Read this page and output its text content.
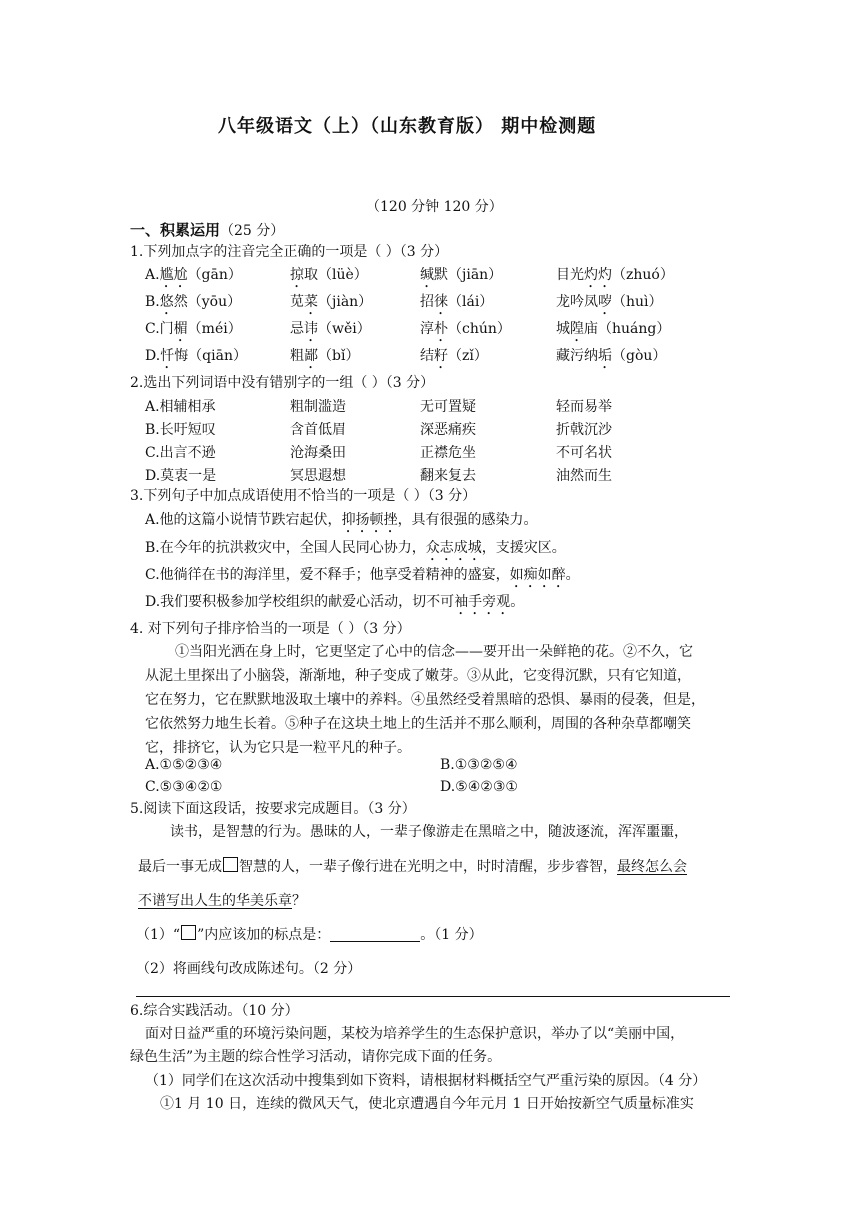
八年级语文（上）（山东教育版） 期中检测题
（120 分钟 120 分）
一、积累运用（25 分）
1.下列加点字的注音完全正确的一项是（ ）（3 分）
A.尴尬（gān）	掠取（lüè）	缄默（jiān）	目光灼灼（zhuó）
B.悠然（yōu）	苋菜（jiàn）	招徕（lái）	龙吟凤哕（huì）
C.门楣（méi）	忌讳（wěi）	淳朴（chún）	城隍庙（huáng）
D.忏悔（qiān）	粗鄙（bǐ）	结籽（zǐ）	藏污纳垢（gòu）
2.选出下列词语中没有错别字的一组（ ）（3 分）
A.相辅相承	粗制滥造	无可置疑	轻而易举
B.长吁短叹	含首低眉	深恶痛疾	折戟沉沙
C.出言不逊	沧海桑田	正襟危坐	不可名状
D.莫衷一是	冥思遐想	翻来复去	油然而生
3.下列句子中加点成语使用不恰当的一项是（ ）（3 分）
A.他的这篇小说情节跌宕起伏，抑扬顿挫，具有很强的感染力。
B.在今年的抗洪救灾中，全国人民同心协力，众志成城，支援灾区。
C.他徜徉在书的海洋里，爱不释手；他享受着精神的盛宴，如痴如醉。
D.我们要积极参加学校组织的献爱心活动，切不可袖手旁观。
4. 对下列句子排序恰当的一项是（ ）（3 分）
①当阳光洒在身上时，它更坚定了心中的信念——要开出一朵鲜艳的花。②不久，它
从泥土里探出了小脑袋，渐渐地，种子变成了嫩芽。③从此，它变得沉默，只有它知道，
它在努力，它在默默地汲取土壤中的养料。④虽然经受着黑暗的恐惧、暴雨的侵袭，但是，
它依然努力地生长着。⑤种子在这块土地上的生活并不那么顺利，周围的各种杂草都嘲笑
它，排挤它，认为它只是一粒平凡的种子。
A.①⑤②③④	B.①③②⑤④
C.⑤③④②①	D.⑤④②③①
5.阅读下面这段话，按要求完成题目。（3 分）
读书，是智慧的行为。愚昧的人，一辈子像游走在黑暗之中，随波逐流，浑浑噩噩，
最后一事无成 智慧的人，一辈子像行进在光明之中，时时清醒，步步睿智，最终怎么会
不谱写出人生的华美乐章？
（1）“ ”内应该加的标点是：	。（1 分）
（2）将画线句改成陈述句。（2 分）
6.综合实践活动。（10 分）
面对日益严重的环境污染问题，某校为培养学生的生态保护意识，举办了以“美丽中国，
绿色生活”为主题的综合性学习活动，请你完成下面的任务。
（1）同学们在这次活动中搜集到如下资料，请根据材料概括空气严重污染的原因。（4 分）
①1 月 10 日，连续的微风天气，使北京遭遇自今年元月 1 日开始按新空气质量标准实
